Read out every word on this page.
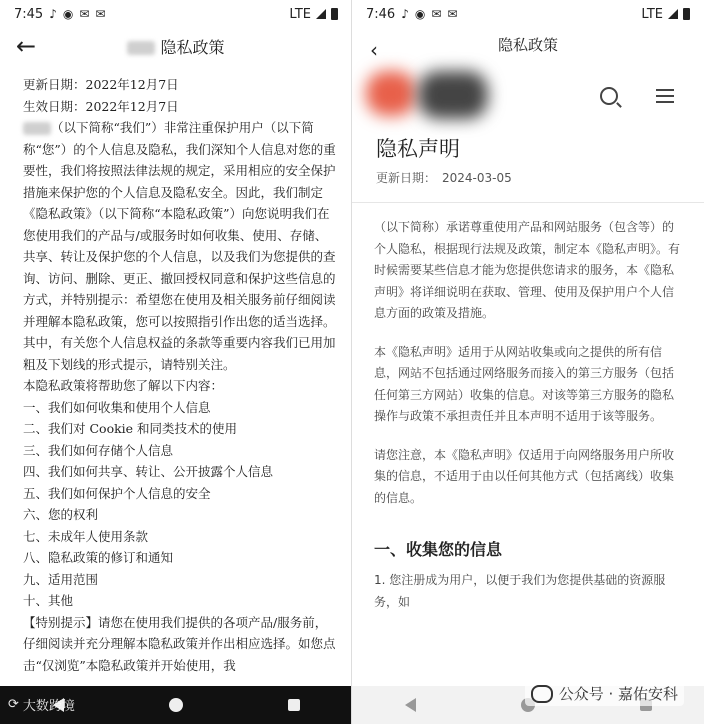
7:45 ♪ ◉ ✉ ✉	LTE
←	隐私政策

更新日期：2022年12月7日

生效日期：2022年12月7日

（以下简称“我们”）非常注重保护用户（以下简称“您”）的个人信息及隐私，我们深知个人信息对您的重要性，我们将按照法律法规的规定，采用相应的安全保护措施来保护您的个人信息及隐私安全。因此，我们制定《隐私政策》（以下简称“本隐私政策”）向您说明我们在您使用我们的产品与/或服务时如何收集、使用、存储、共享、转让及保护您的个人信息，以及我们为您提供的查询、访问、删除、更正、撤回授权同意和保护这些信息的方式，并特别提示：希望您在使用及相关服务前仔细阅读并理解本隐私政策，您可以按照指引作出您的适当选择。其中，有关您个人信息权益的条款等重要内容我们已用加粗及下划线的形式提示，请特别关注。

本隐私政策将帮助您了解以下内容：

一、我们如何收集和使用个人信息

二、我们对 Cookie 和同类技术的使用

三、我们如何存储个人信息

四、我们如何共享、转让、公开披露个人信息

五、我们如何保护个人信息的安全

六、您的权利

七、未成年人使用条款

八、隐私政策的修订和通知

九、适用范围

十、其他

【特别提示】请您在使用我们提供的各项产品/服务前，仔细阅读并充分理解本隐私政策并作出相应选择。如您点击“仅浏览”本隐私政策并开始使用，我

⟳ 大数跨境
7:46 ♪ ◉ ✉ ✉	LTE
隐私政策
‹
隐私声明
更新日期： 2024-03-05

（以下简称）承诺尊重使用产品和网站服务（包含等）的个人隐私，根据现行法规及政策，制定本《隐私声明》。有时候需要某些信息才能为您提供您请求的服务，本《隐私声明》将详细说明在获取、管理、使用及保护用户个人信息方面的政策及措施。

本《隐私声明》适用于从网站收集或向之提供的所有信息，网站不包括通过网络服务而接入的第三方服务（包括任何第三方网站）收集的信息。对该等第三方服务的隐私操作与政策不承担责任并且本声明不适用于该等服务。

请您注意，本《隐私声明》仅适用于向网络服务用户所收集的信息，不适用于由以任何其他方式（包括离线）收集的信息。

一、收集您的信息

1. 您注册成为用户，以便于我们为您提供基础的资源服务，如

公众号 · 嘉佑安科
